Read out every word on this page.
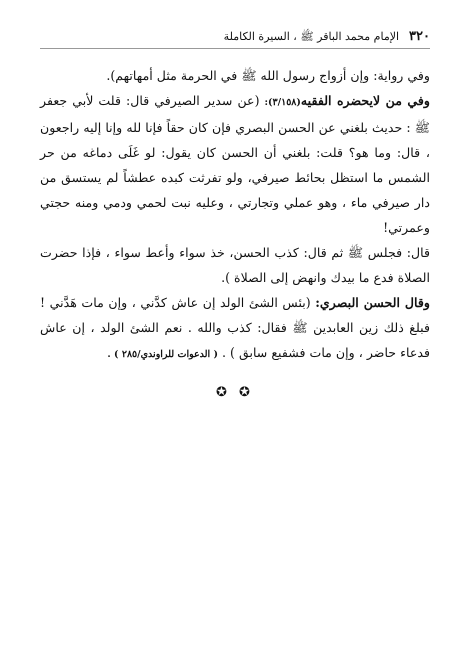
٣٢٠
الإمام محمد الباقر ﷺ ، السيرة الكاملة

وفي رواية: وإن أزواج رسول الله ﷺ في الحرمة مثل أمهاتهم).

وفي من لايحضره الفقيه(٣/١٥٨): (عن سدير الصيرفي قال: قلت لأبي جعفر ﷺ : حديث بلغني عن الحسن البصري فإن كان حقاً فإنا لله وإنا إليه راجعون ، قال: وما هو؟ قلت: بلغني أن الحسن كان يقول: لو غَلَى دماغه من حر الشمس ما استظل بحائط صيرفي، ولو تفرثت كبده عطشاً لم يستسق من دار صيرفي ماء ، وهو عملي وتجارتي ، وعليه نبت لحمي ودمي ومنه حجتي وعمرتي!

قال: فجلس ﷺ ثم قال: كذب الحسن، خذ سواء وأعط سواء ، فإذا حضرت الصلاة فدع ما بيدك وانهض إلى الصلاة ).

وقال الحسن البصري: (بئس الشئ الولد إن عاش كدَّني ، وإن مات هَدَّني ! فبلغ ذلك زين العابدين ﷺ فقال: كذب والله . نعم الشئ الولد ، إن عاش فدعاء حاضر ، وإن مات فشفيع سابق ) . ( الدعوات للراوندي/٢٨٥ ) .

✪ ✪
